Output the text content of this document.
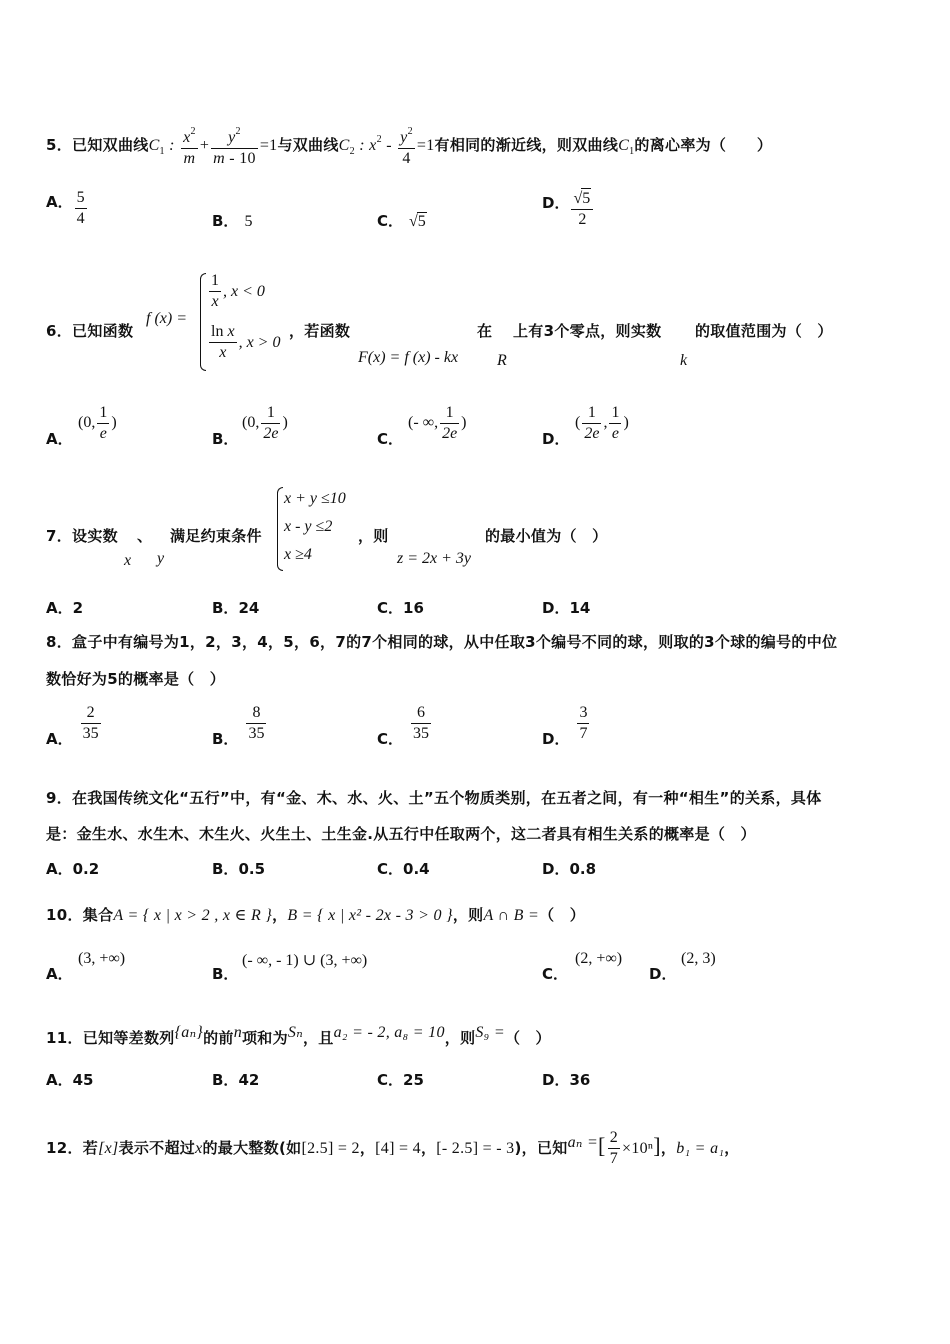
5．已知双曲线$C_1$ : $\frac{x^2}{m} + \frac{y^2}{m - 10} =1$与双曲线$C_2$ : $x^2 - \frac{y^2}{4} =1$有相同的渐近线，则双曲线$C_1$的离心率为（　　）
A． $\frac{5}{4}$	B． 5	C． √5
D． $\frac{√5}{2}$
f (x) =
$\frac{1}{x}$ , x < 0
$\frac{\text{ln x}}{x}$ , x > 0
6．已知函数	，若函数	在 上有3个零点，则实数 的取值范围为（　）
F(x) = f (x) - kx R	k
A．
(0, $\frac{1}{e}$ )
B．
(0, $\frac{1}{2e}$ )
C．
(- ∞, $\frac{1}{2e}$ )
D．
( $\frac{1}{2e}$ , $\frac{1}{e}$ )
7．设实数 、 满足约束条件
x + y ≤10
x - y ≤2
x ≥4
，则	的最小值为（　）
x y	z = 2x + 3y
A．2	B．24	C．16	D．14
8．盒子中有编号为1，2，3，4，5，6，7的7个相同的球，从中任取3个编号不同的球，则取的3个球的编号的中位
数恰好为5的概率是（　）
A． $\frac{2}{35}$	B． $\frac{8}{35}$	C． $\frac{6}{35}$	D． $\frac{3}{7}$
9．在我国传统文化“五行”中，有“金、木、水、火、土”五个物质类别，在五者之间，有一种“相生”的关系，具体
是：金生水、水生木、木生火、火生土、土生金.从五行中任取两个，这二者具有相生关系的概率是（　）
A．0.2	B．0.5	C．0.4	D．0.8
10．集合A = { x | x > 2 , x ∈ R }，B = { x | x² - 2x - 3 > 0 }，则A ∩ B =（　）
A．
(3, +∞)
B．
(- ∞, - 1) ∪ (3, +∞)
C．
(2, +∞)
D．
(2, 3)
11．已知等差数列{aₙ}的前n项和为Sₙ，且a₂ = - 2, a₈ = 10，则S₉ =（　）
A．45	B．42	C．25	D．36
12．若[x]表示不超过x的最大整数(如[2.5] = 2，[4] = 4，[- 2.5] = - 3)，已知aₙ =[ $\frac{2}{7} \times 10^n$]，b₁ = a₁，
